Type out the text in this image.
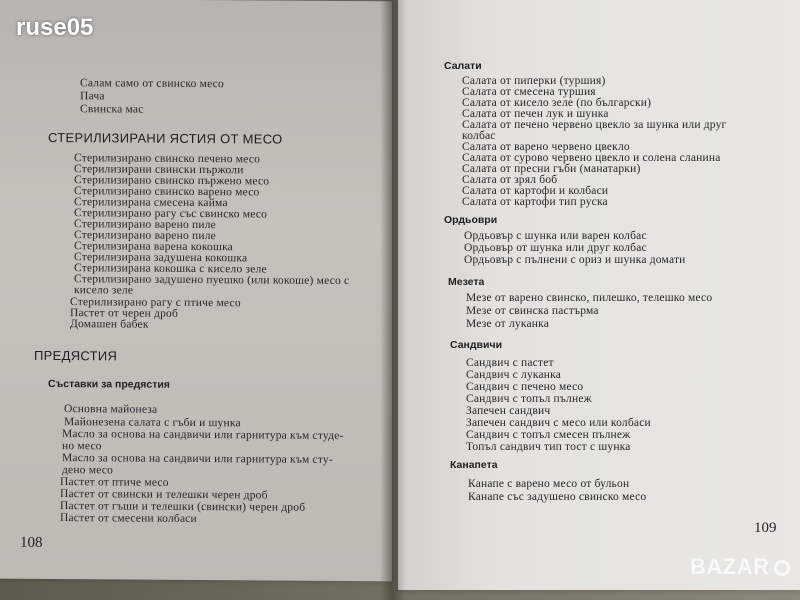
Салам само от свинско месо
Пача
Свинска мас
СТЕРИЛИЗИРАНИ ЯСТИЯ ОТ МЕСО
Стерилизирано свинско печено месо
Стерилизирани свински пържоли
Стерилизирано свинско пържено месо
Стерилизирано свинско варено месо
Стерилизирана смесена кайма
Стерилизирано рагу със свинско месо
Стерилизирано варено пиле
Стерилизирано варено пиле
Стерилизирана варена кокошка
Стерилизирана задушена кокошка
Стерилизирана кокошка с кисело зеле
Стерилизирано задушено пуешко (или кокоше) месо с
кисело зеле
Стерилизирано рагу с птиче месо
Пастет от черен дроб
Домашен бабек
ПРЕДЯСТИЯ
Съставки за предястия
Основна майонеза
Майонезена салата с гъби и шунка
Масло за основа на сандвичи или гарнитура към студе-
но месо
Масло за основа на сандвичи или гарнитура към сту-
дено месо
Пастет от птиче месо
Пастет от свински и телешки черен дроб
Пастет от гъши и телешки (свински) черен дроб
Пастет от смесени колбаси
108
Салати
Салата от пиперки (туршия)
Салата от смесена туршия
Салата от кисело зеле (по български)
Салата от печен лук и шунка
Салата от печено червено цвекло за шунка или друг
колбас
Салата от варено червено цвекло
Салата от сурово червено цвекло и солена сланина
Салата от пресни гъби (манатарки)
Салата от зрял боб
Салата от картофи и колбаси
Салата от картофи тип руска
Ордьоври
Ордьовър с шунка или варен колбас
Ордьовър от шунка или друг колбас
Ордьовър с пълнени с ориз и шунка домати
Мезета
Мезе от варено свинско, пилешко, телешко месо
Мезе от свинска пастърма
Мезе от луканка
Сандвичи
Сандвич с пастет
Сандвич с луканка
Сандвич с печено месо
Сандвич с топъл пълнеж
Запечен сандвич
Запечен сандвич с месо или колбаси
Сандвич с топъл смесен пълнеж
Топъл сандвич тип тост с шунка
Канапета
Канапе с варено месо от бульон
Канапе със задушено свинско месо
109
ruse05
BAZAR
